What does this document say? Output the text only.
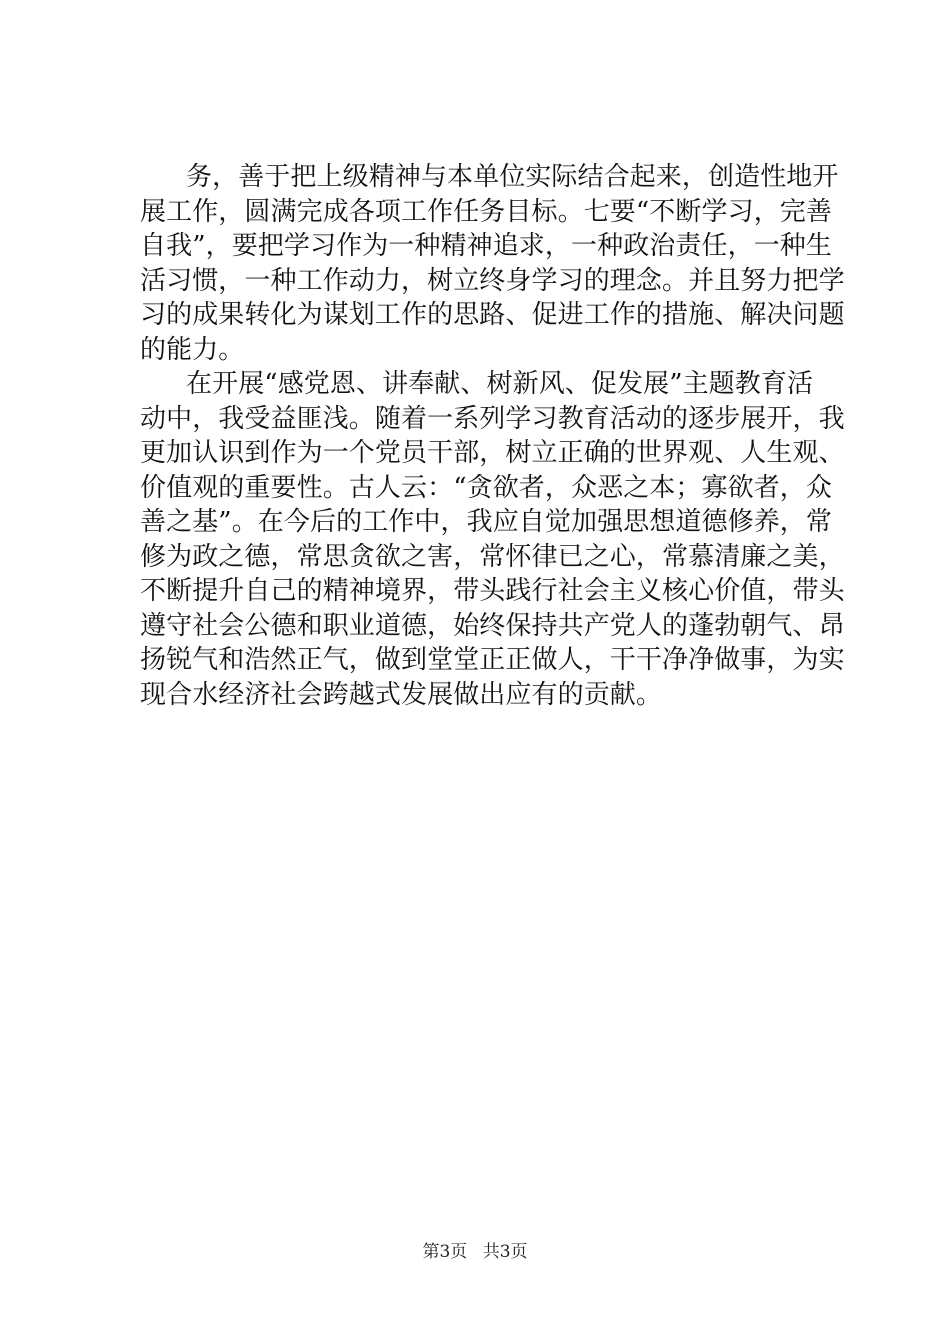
务，善于把上级精神与本单位实际结合起来，创造性地开
展工作，圆满完成各项工作任务目标。七要“不断学习，完善
自我”，要把学习作为一种精神追求，一种政治责任，一种生
活习惯，一种工作动力，树立终身学习的理念。并且努力把学
习的成果转化为谋划工作的思路、促进工作的措施、解决问题
的能力。

在开展“感党恩、讲奉献、树新风、促发展”主题教育活
动中，我受益匪浅。随着一系列学习教育活动的逐步展开，我
更加认识到作为一个党员干部，树立正确的世界观、人生观、
价值观的重要性。古人云：“贪欲者，众恶之本；寡欲者，众
善之基”。在今后的工作中，我应自觉加强思想道德修养，常
修为政之德，常思贪欲之害，常怀律已之心，常慕清廉之美，
不断提升自己的精神境界，带头践行社会主义核心价值，带头
遵守社会公德和职业道德，始终保持共产党人的蓬勃朝气、昂
扬锐气和浩然正气，做到堂堂正正做人，干干净净做事，为实
现合水经济社会跨越式发展做出应有的贡献。

第3页 共3页
